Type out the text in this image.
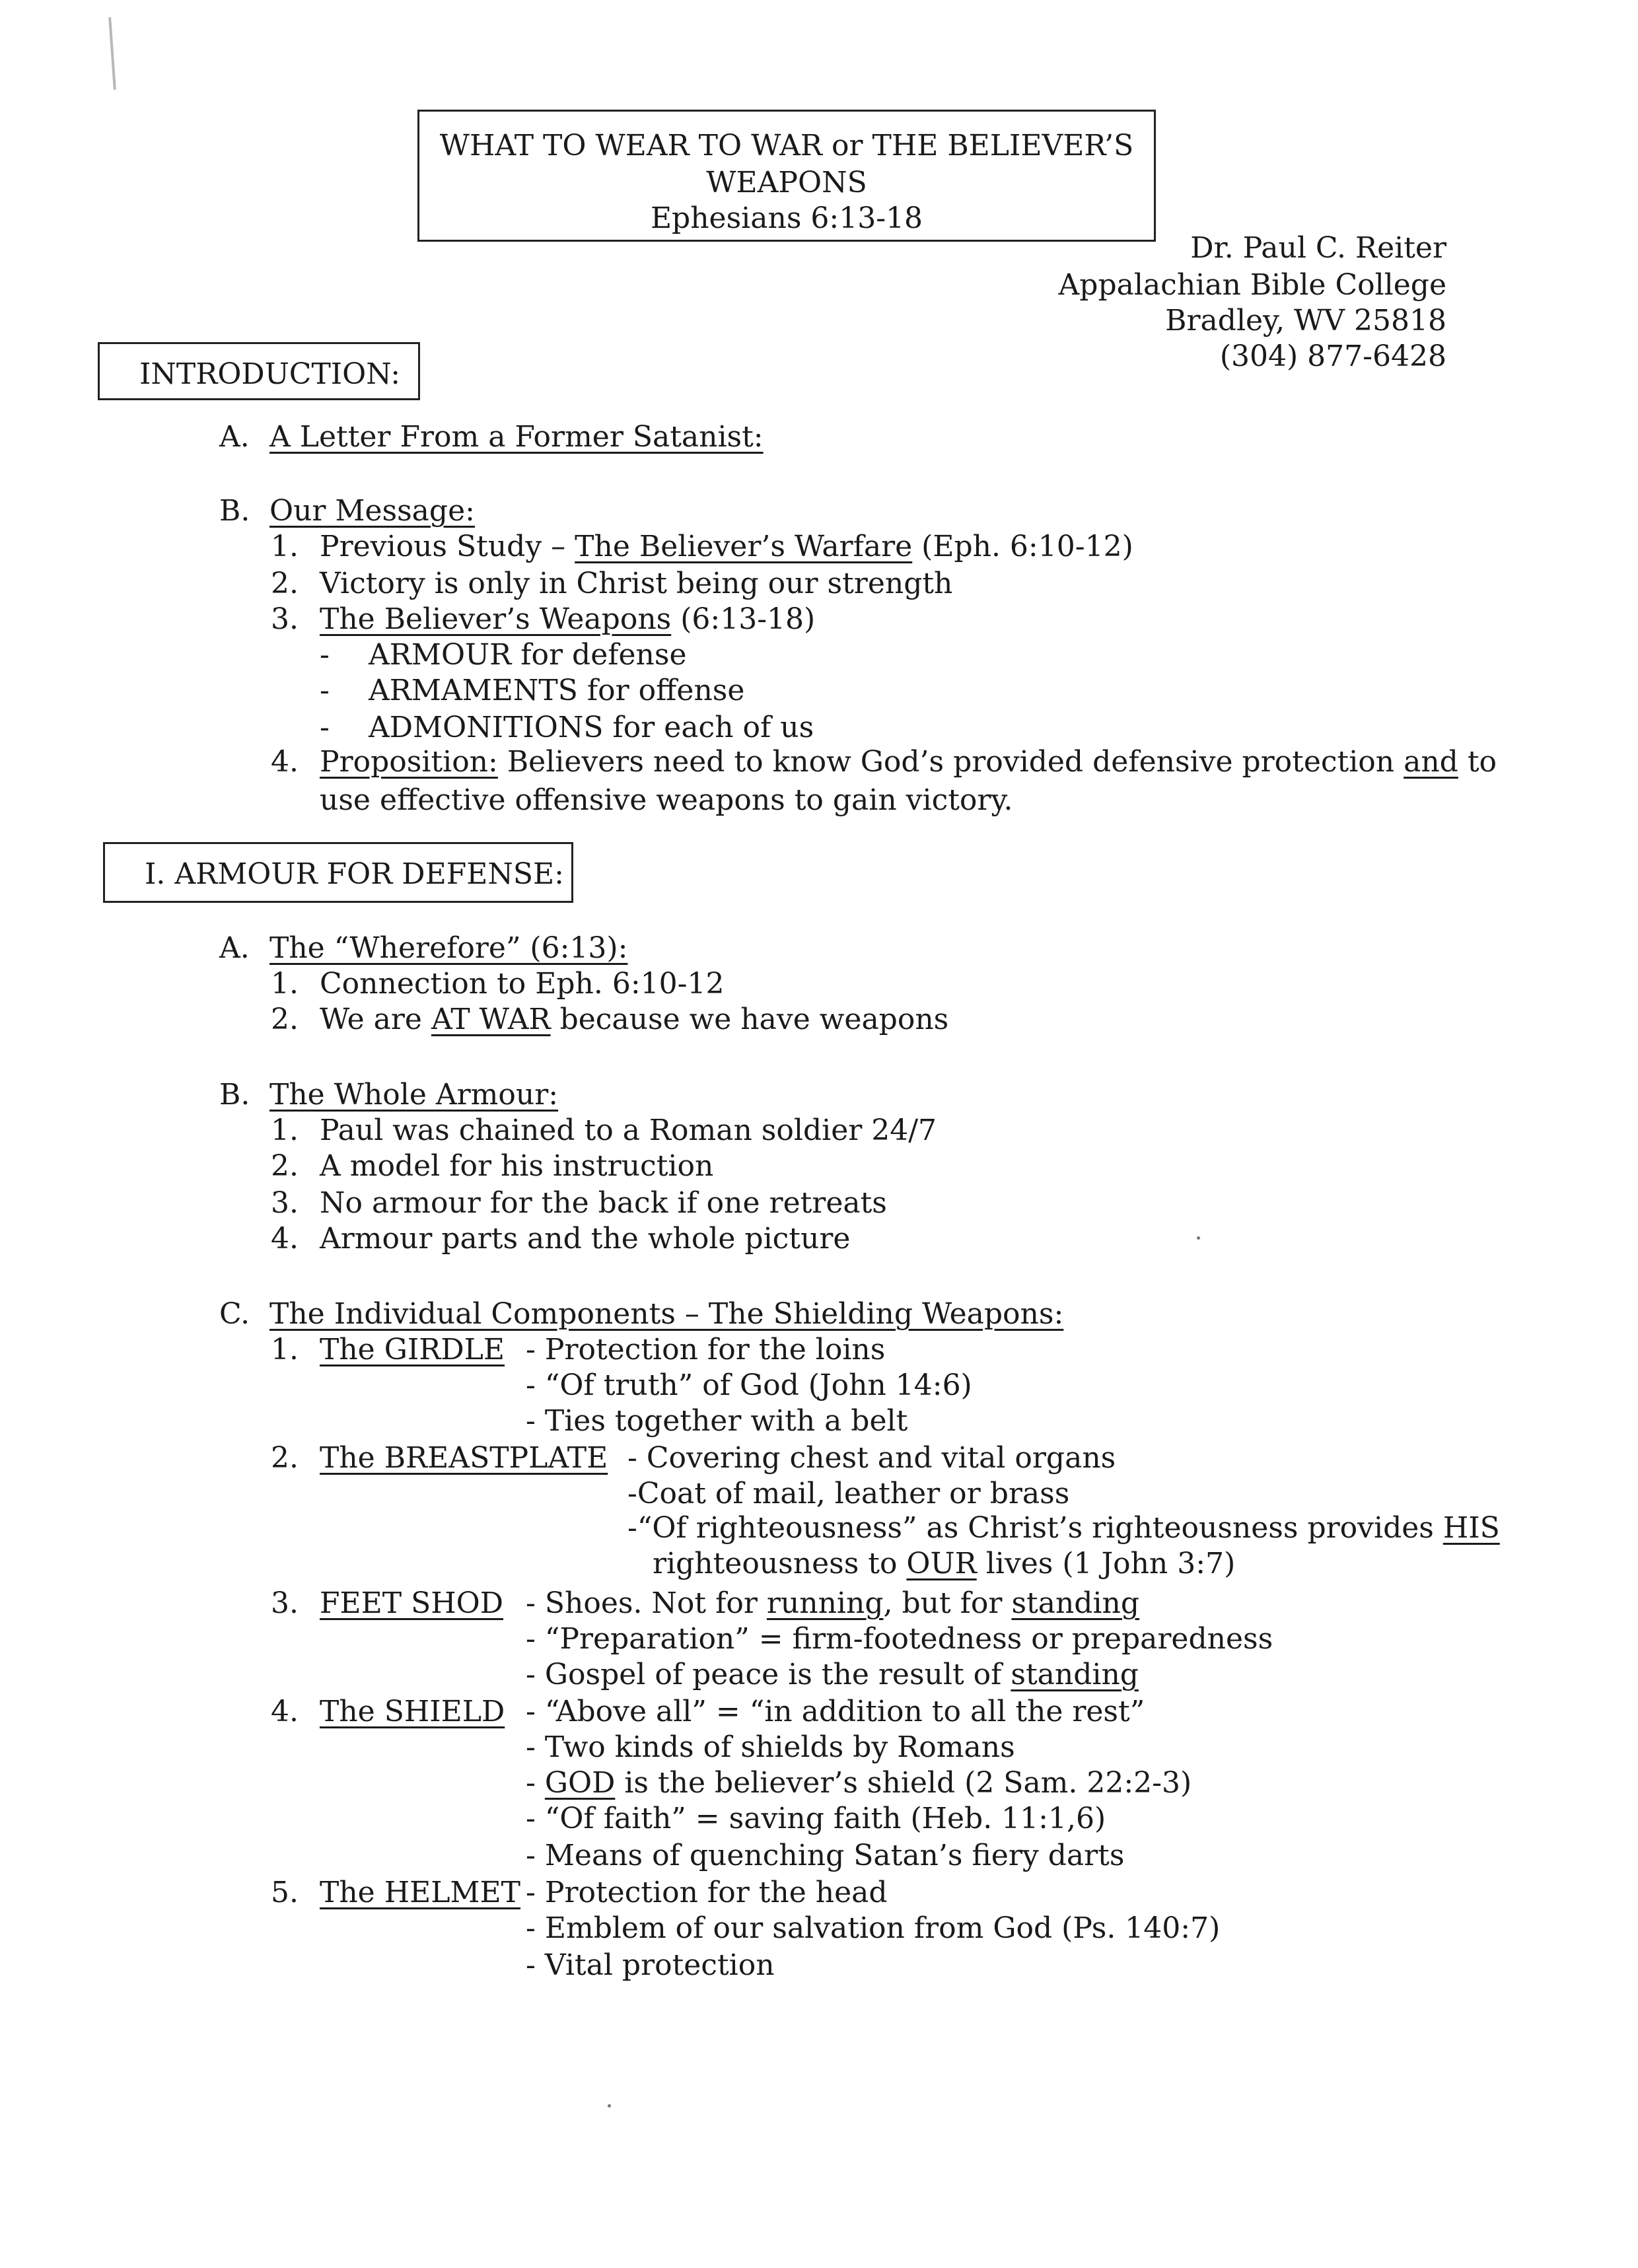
WHAT TO WEAR TO WAR or THE BELIEVER’S
WEAPONS
Ephesians 6:13-18
Dr. Paul C. Reiter
Appalachian Bible College
Bradley, WV 25818
(304) 877-6428
INTRODUCTION:
A. A Letter From a Former Satanist:
B. Our Message:
1. Previous Study – The Believer’s Warfare (Eph. 6:10-12)
2. Victory is only in Christ being our strength
3. The Believer’s Weapons (6:13-18)
- ARMOUR for defense
- ARMAMENTS for offense
- ADMONITIONS for each of us
4. Proposition: Believers need to know God’s provided defensive protection and to
use effective offensive weapons to gain victory.
I. ARMOUR FOR DEFENSE:
A. The “Wherefore” (6:13):
1. Connection to Eph. 6:10-12
2. We are AT WAR because we have weapons
B. The Whole Armour:
1. Paul was chained to a Roman soldier 24/7
2. A model for his instruction
3. No armour for the back if one retreats
4. Armour parts and the whole picture
C. The Individual Components – The Shielding Weapons:
1. The GIRDLE - Protection for the loins
- “Of truth” of God (John 14:6)
- Ties together with a belt
2. The BREASTPLATE - Covering chest and vital organs
-Coat of mail, leather or brass
-“Of righteousness” as Christ’s righteousness provides HIS
righteousness to OUR lives (1 John 3:7)
3. FEET SHOD - Shoes. Not for running, but for standing
- “Preparation” = firm-footedness or preparedness
- Gospel of peace is the result of standing
4. The SHIELD - “Above all” = “in addition to all the rest”
- Two kinds of shields by Romans
- GOD is the believer’s shield (2 Sam. 22:2-3)
- “Of faith” = saving faith (Heb. 11:1,6)
- Means of quenching Satan’s fiery darts
5. The HELMET - Protection for the head
- Emblem of our salvation from God (Ps. 140:7)
- Vital protection
